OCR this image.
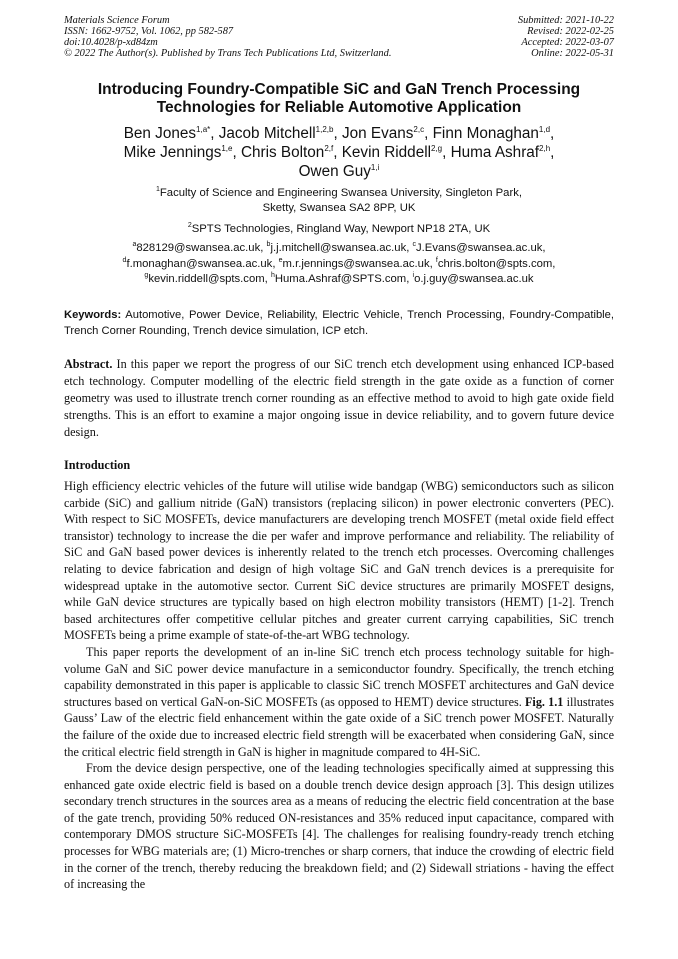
Materials Science Forum
ISSN: 1662-9752, Vol. 1062, pp 582-587
doi:10.4028/p-xd84zm
© 2022 The Author(s). Published by Trans Tech Publications Ltd, Switzerland.
Submitted: 2021-10-22
Revised: 2022-02-25
Accepted: 2022-03-07
Online: 2022-05-31
Introducing Foundry-Compatible SiC and GaN Trench Processing
Technologies for Reliable Automotive Application
Ben Jones$^{1,a*}$, Jacob Mitchell$^{1,2,b}$, Jon Evans$^{2,c}$, Finn Monaghan$^{1,d}$,
Mike Jennings$^{1,e}$, Chris Bolton$^{2,f}$, Kevin Riddell$^{2,g}$, Huma Ashraf$^{2,h}$,
Owen Guy$^{1,i}$
$^1$Faculty of Science and Engineering Swansea University, Singleton Park,
Sketty, Swansea SA2 8PP, UK
$^2$SPTS Technologies, Ringland Way, Newport NP18 2TA, UK
$^a$828129@swansea.ac.uk, $^b$j.j.mitchell@swansea.ac.uk, $^c$J.Evans@swansea.ac.uk,
$^d$f.monaghan@swansea.ac.uk, $^e$m.r.jennings@swansea.ac.uk, $^f$chris.bolton@spts.com,
$^g$kevin.riddell@spts.com, $^h$Huma.Ashraf@SPTS.com, $^i$o.j.guy@swansea.ac.uk
Keywords: Automotive, Power Device, Reliability, Electric Vehicle, Trench Processing, Foundry-Compatible, Trench Corner Rounding, Trench device simulation, ICP etch.
Abstract. In this paper we report the progress of our SiC trench etch development using enhanced ICP-based etch technology. Computer modelling of the electric field strength in the gate oxide as a function of corner geometry was used to illustrate trench corner rounding as an effective method to avoid to high gate oxide field strengths. This is an effort to examine a major ongoing issue in device reliability, and to govern future device design.
Introduction

High efficiency electric vehicles of the future will utilise wide bandgap (WBG) semiconductors such as silicon carbide (SiC) and gallium nitride (GaN) transistors (replacing silicon) in power electronic converters (PEC). With respect to SiC MOSFETs, device manufacturers are developing trench MOSFET (metal oxide field effect transistor) technology to increase the die per wafer and improve performance and reliability. The reliability of SiC and GaN based power devices is inherently related to the trench etch processes. Overcoming challenges relating to device fabrication and design of high voltage SiC and GaN trench devices is a prerequisite for widespread uptake in the automotive sector. Current SiC device structures are primarily MOSFET designs, while GaN device structures are typically based on high electron mobility transistors (HEMT) [1-2]. Trench based architectures offer competitive cellular pitches and greater current carrying capabilities, SiC trench MOSFETs being a prime example of state-of-the-art WBG technology.

This paper reports the development of an in-line SiC trench etch process technology suitable for high-volume GaN and SiC power device manufacture in a semiconductor foundry. Specifically, the trench etching capability demonstrated in this paper is applicable to classic SiC trench MOSFET architectures and GaN device structures based on vertical GaN-on-SiC MOSFETs (as opposed to HEMT) device structures. Fig. 1.1 illustrates Gauss’ Law of the electric field enhancement within the gate oxide of a SiC trench power MOSFET. Naturally the failure of the oxide due to increased electric field strength will be exacerbated when considering GaN, since the critical electric field strength in GaN is higher in magnitude compared to 4H-SiC.

From the device design perspective, one of the leading technologies specifically aimed at suppressing this enhanced gate oxide electric field is based on a double trench device design approach [3]. This design utilizes secondary trench structures in the sources area as a means of reducing the electric field concentration at the base of the gate trench, providing 50% reduced ON-resistances and 35% reduced input capacitance, compared with contemporary DMOS structure SiC-MOSFETs [4]. The challenges for realising foundry-ready trench etching processes for WBG materials are; (1) Micro-trenches or sharp corners, that induce the crowding of electric field in the corner of the trench, thereby reducing the breakdown field; and (2) Sidewall striations - having the effect of increasing the
